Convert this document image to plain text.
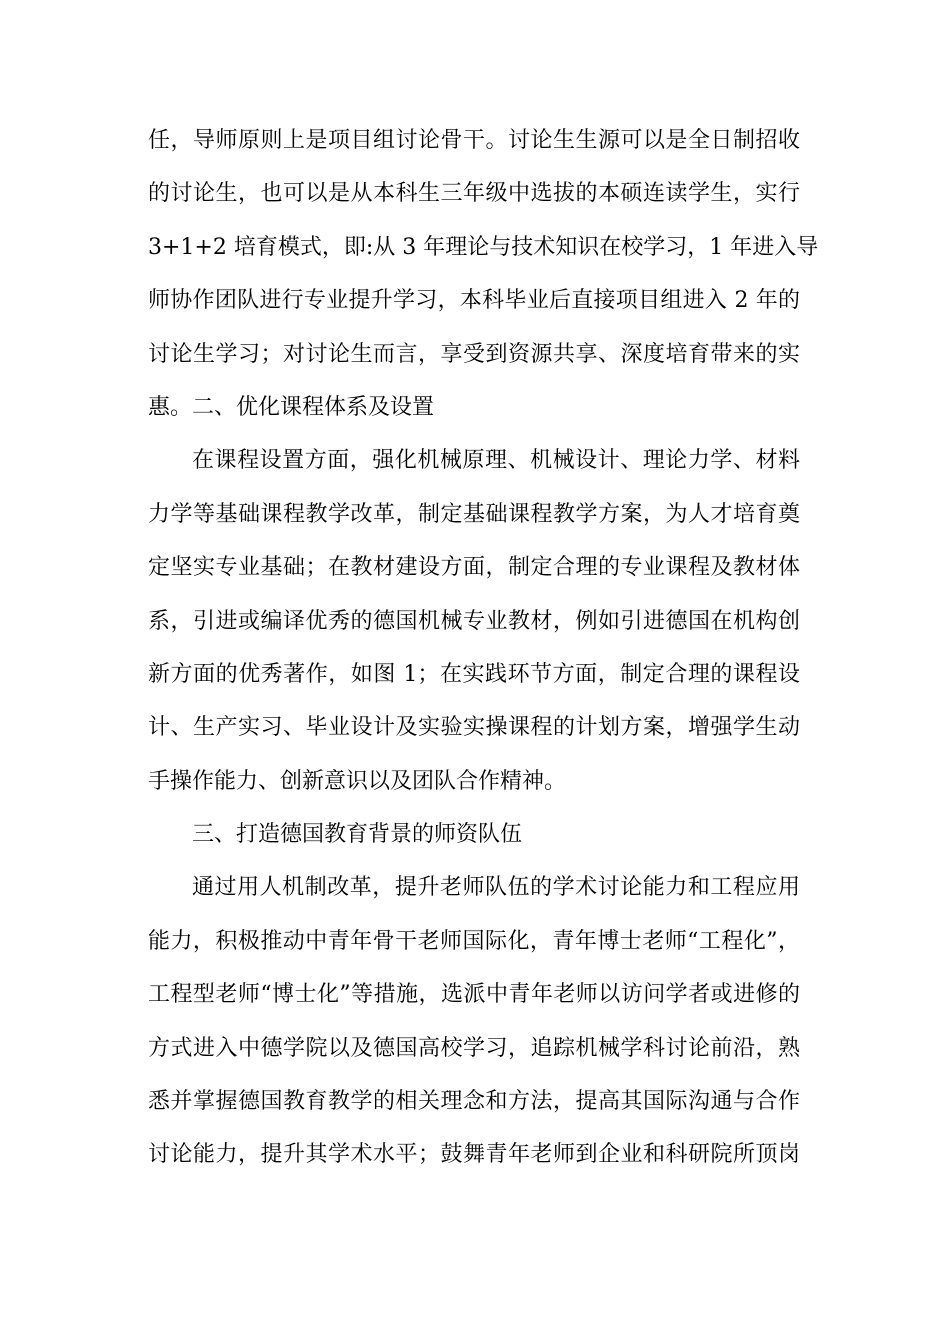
任，导师原则上是项目组讨论骨干。讨论生生源可以是全日制招收
的讨论生，也可以是从本科生三年级中选拔的本硕连读学生，实行
3+1+2 培育模式，即:从 3 年理论与技术知识在校学习，1 年进入导
师协作团队进行专业提升学习，本科毕业后直接项目组进入 2 年的
讨论生学习；对讨论生而言，享受到资源共享、深度培育带来的实
惠。二、优化课程体系及设置
在课程设置方面，强化机械原理、机械设计、理论力学、材料
力学等基础课程教学改革，制定基础课程教学方案，为人才培育奠
定坚实专业基础；在教材建设方面，制定合理的专业课程及教材体
系，引进或编译优秀的德国机械专业教材，例如引进德国在机构创
新方面的优秀著作，如图 1；在实践环节方面，制定合理的课程设
计、生产实习、毕业设计及实验实操课程的计划方案，增强学生动
手操作能力、创新意识以及团队合作精神。
三、打造德国教育背景的师资队伍
通过用人机制改革，提升老师队伍的学术讨论能力和工程应用
能力，积极推动中青年骨干老师国际化，青年博士老师“工程化”，
工程型老师“博士化”等措施，选派中青年老师以访问学者或进修的
方式进入中德学院以及德国高校学习，追踪机械学科讨论前沿，熟
悉并掌握德国教育教学的相关理念和方法，提高其国际沟通与合作
讨论能力，提升其学术水平；鼓舞青年老师到企业和科研院所顶岗
